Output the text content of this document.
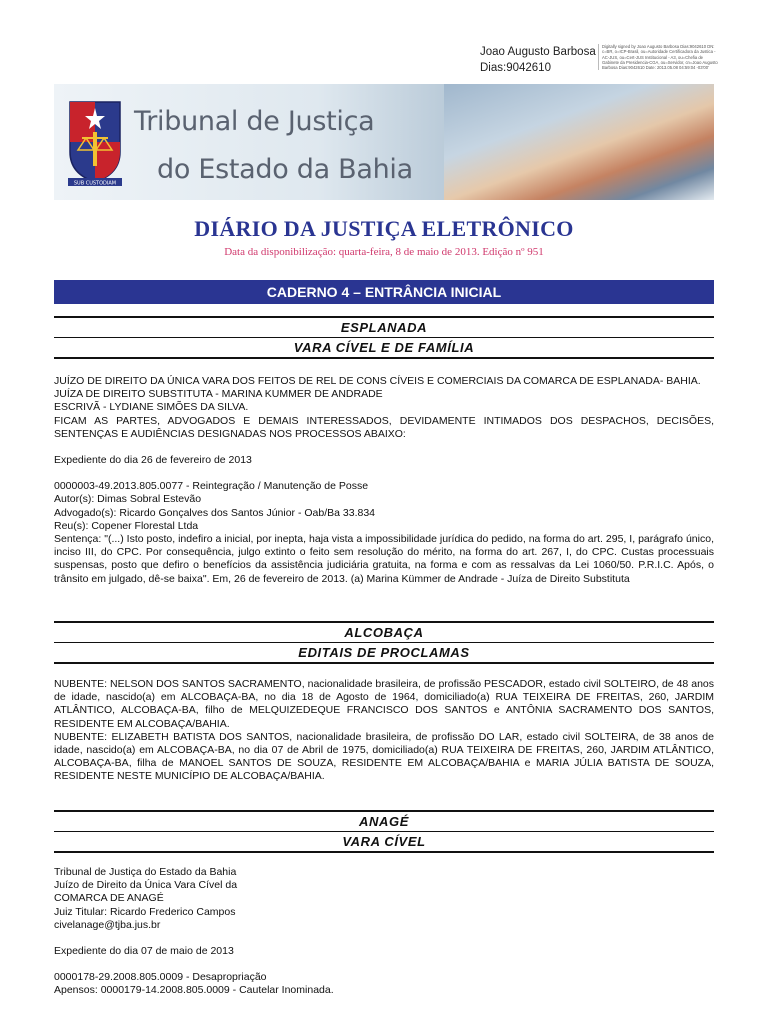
Joao Augusto Barbosa
Dias:9042610
Digitally signed by Joao Augusto Barbosa Dias:9042610 DN: c=BR, o=ICP-Brasil, ou=Autoridade Certificadora da Justica - AC-JUS, ou=Cert-JUS Institucional - A3, ou=Chefia de Gabinete da Presidencia-CGA, ou=Servidor, cn=Joao Augusto Barbosa Dias:9042610 Date: 2013.05.08 04:59:04 -03'00'
SUB CUSTODIAM
Tribunal de Justiça
do Estado da Bahia
DIÁRIO DA JUSTIÇA ELETRÔNICO
Data da disponibilização: quarta-feira, 8 de maio de 2013. Edição nº 951
CADERNO 4 – ENTRÂNCIA INICIAL
ESPLANADA
VARA CÍVEL E DE FAMÍLIA

JUÍZO DE DIREITO DA ÚNICA VARA DOS FEITOS DE REL DE CONS CÍVEIS E COMERCIAIS DA COMARCA DE ESPLANADA- BAHIA.

JUÍZA DE DIREITO SUBSTITUTA - MARINA KUMMER DE ANDRADE

ESCRIVÃ - LYDIANE SIMÕES DA SILVA.

FICAM AS PARTES, ADVOGADOS E DEMAIS INTERESSADOS, DEVIDAMENTE INTIMADOS DOS DESPACHOS, DECISÕES, SENTENÇAS E AUDIÊNCIAS DESIGNADAS NOS PROCESSOS ABAIXO:

Expediente do dia 26 de fevereiro de 2013

0000003-49.2013.805.0077 - Reintegração / Manutenção de Posse

Autor(s): Dimas Sobral Estevão

Advogado(s): Ricardo Gonçalves dos Santos Júnior - Oab/Ba 33.834

Reu(s): Copener Florestal Ltda

Sentença: "(...) Isto posto, indefiro a inicial, por inepta, haja vista a impossibilidade jurídica do pedido, na forma do art. 295, I, parágrafo único, inciso III, do CPC. Por consequência, julgo extinto o feito sem resolução do mérito, na forma do art. 267, I, do CPC. Custas processuais suspensas, posto que defiro o benefícios da assistência judiciária gratuita, na forma e com as ressalvas da Lei 1060/50. P.R.I.C. Após, o trânsito em julgado, dê-se baixa". Em, 26 de fevereiro de 2013. (a) Marina Kümmer de Andrade - Juíza de Direito Substituta

ALCOBAÇA
EDITAIS DE PROCLAMAS

NUBENTE: NELSON DOS SANTOS SACRAMENTO, nacionalidade brasileira, de profissão PESCADOR, estado civil SOLTEIRO, de 48 anos de idade, nascido(a) em ALCOBAÇA-BA, no dia 18 de Agosto de 1964, domiciliado(a) RUA TEIXEIRA DE FREITAS, 260, JARDIM ATLÂNTICO, ALCOBAÇA-BA, filho de MELQUIZEDEQUE FRANCISCO DOS SANTOS e ANTÔNIA SACRAMENTO DOS SANTOS, RESIDENTE EM ALCOBAÇA/BAHIA.

NUBENTE: ELIZABETH BATISTA DOS SANTOS, nacionalidade brasileira, de profissão DO LAR, estado civil SOLTEIRA, de 38 anos de idade, nascido(a) em ALCOBAÇA-BA, no dia 07 de Abril de 1975, domiciliado(a) RUA TEIXEIRA DE FREITAS, 260, JARDIM ATLÂNTICO, ALCOBAÇA-BA, filha de MANOEL SANTOS DE SOUZA, RESIDENTE EM ALCOBAÇA/BAHIA e MARIA JÚLIA BATISTA DE SOUZA, RESIDENTE NESTE MUNICÍPIO DE ALCOBAÇA/BAHIA.

ANAGÉ
VARA CÍVEL

Tribunal de Justiça do Estado da Bahia

Juízo de Direito da Única Vara Cível da

COMARCA DE ANAGÉ

Juiz Titular: Ricardo Frederico Campos

civelanage@tjba.jus.br

Expediente do dia 07 de maio de 2013

0000178-29.2008.805.0009 - Desapropriação

Apensos: 0000179-14.2008.805.0009 - Cautelar Inominada.
